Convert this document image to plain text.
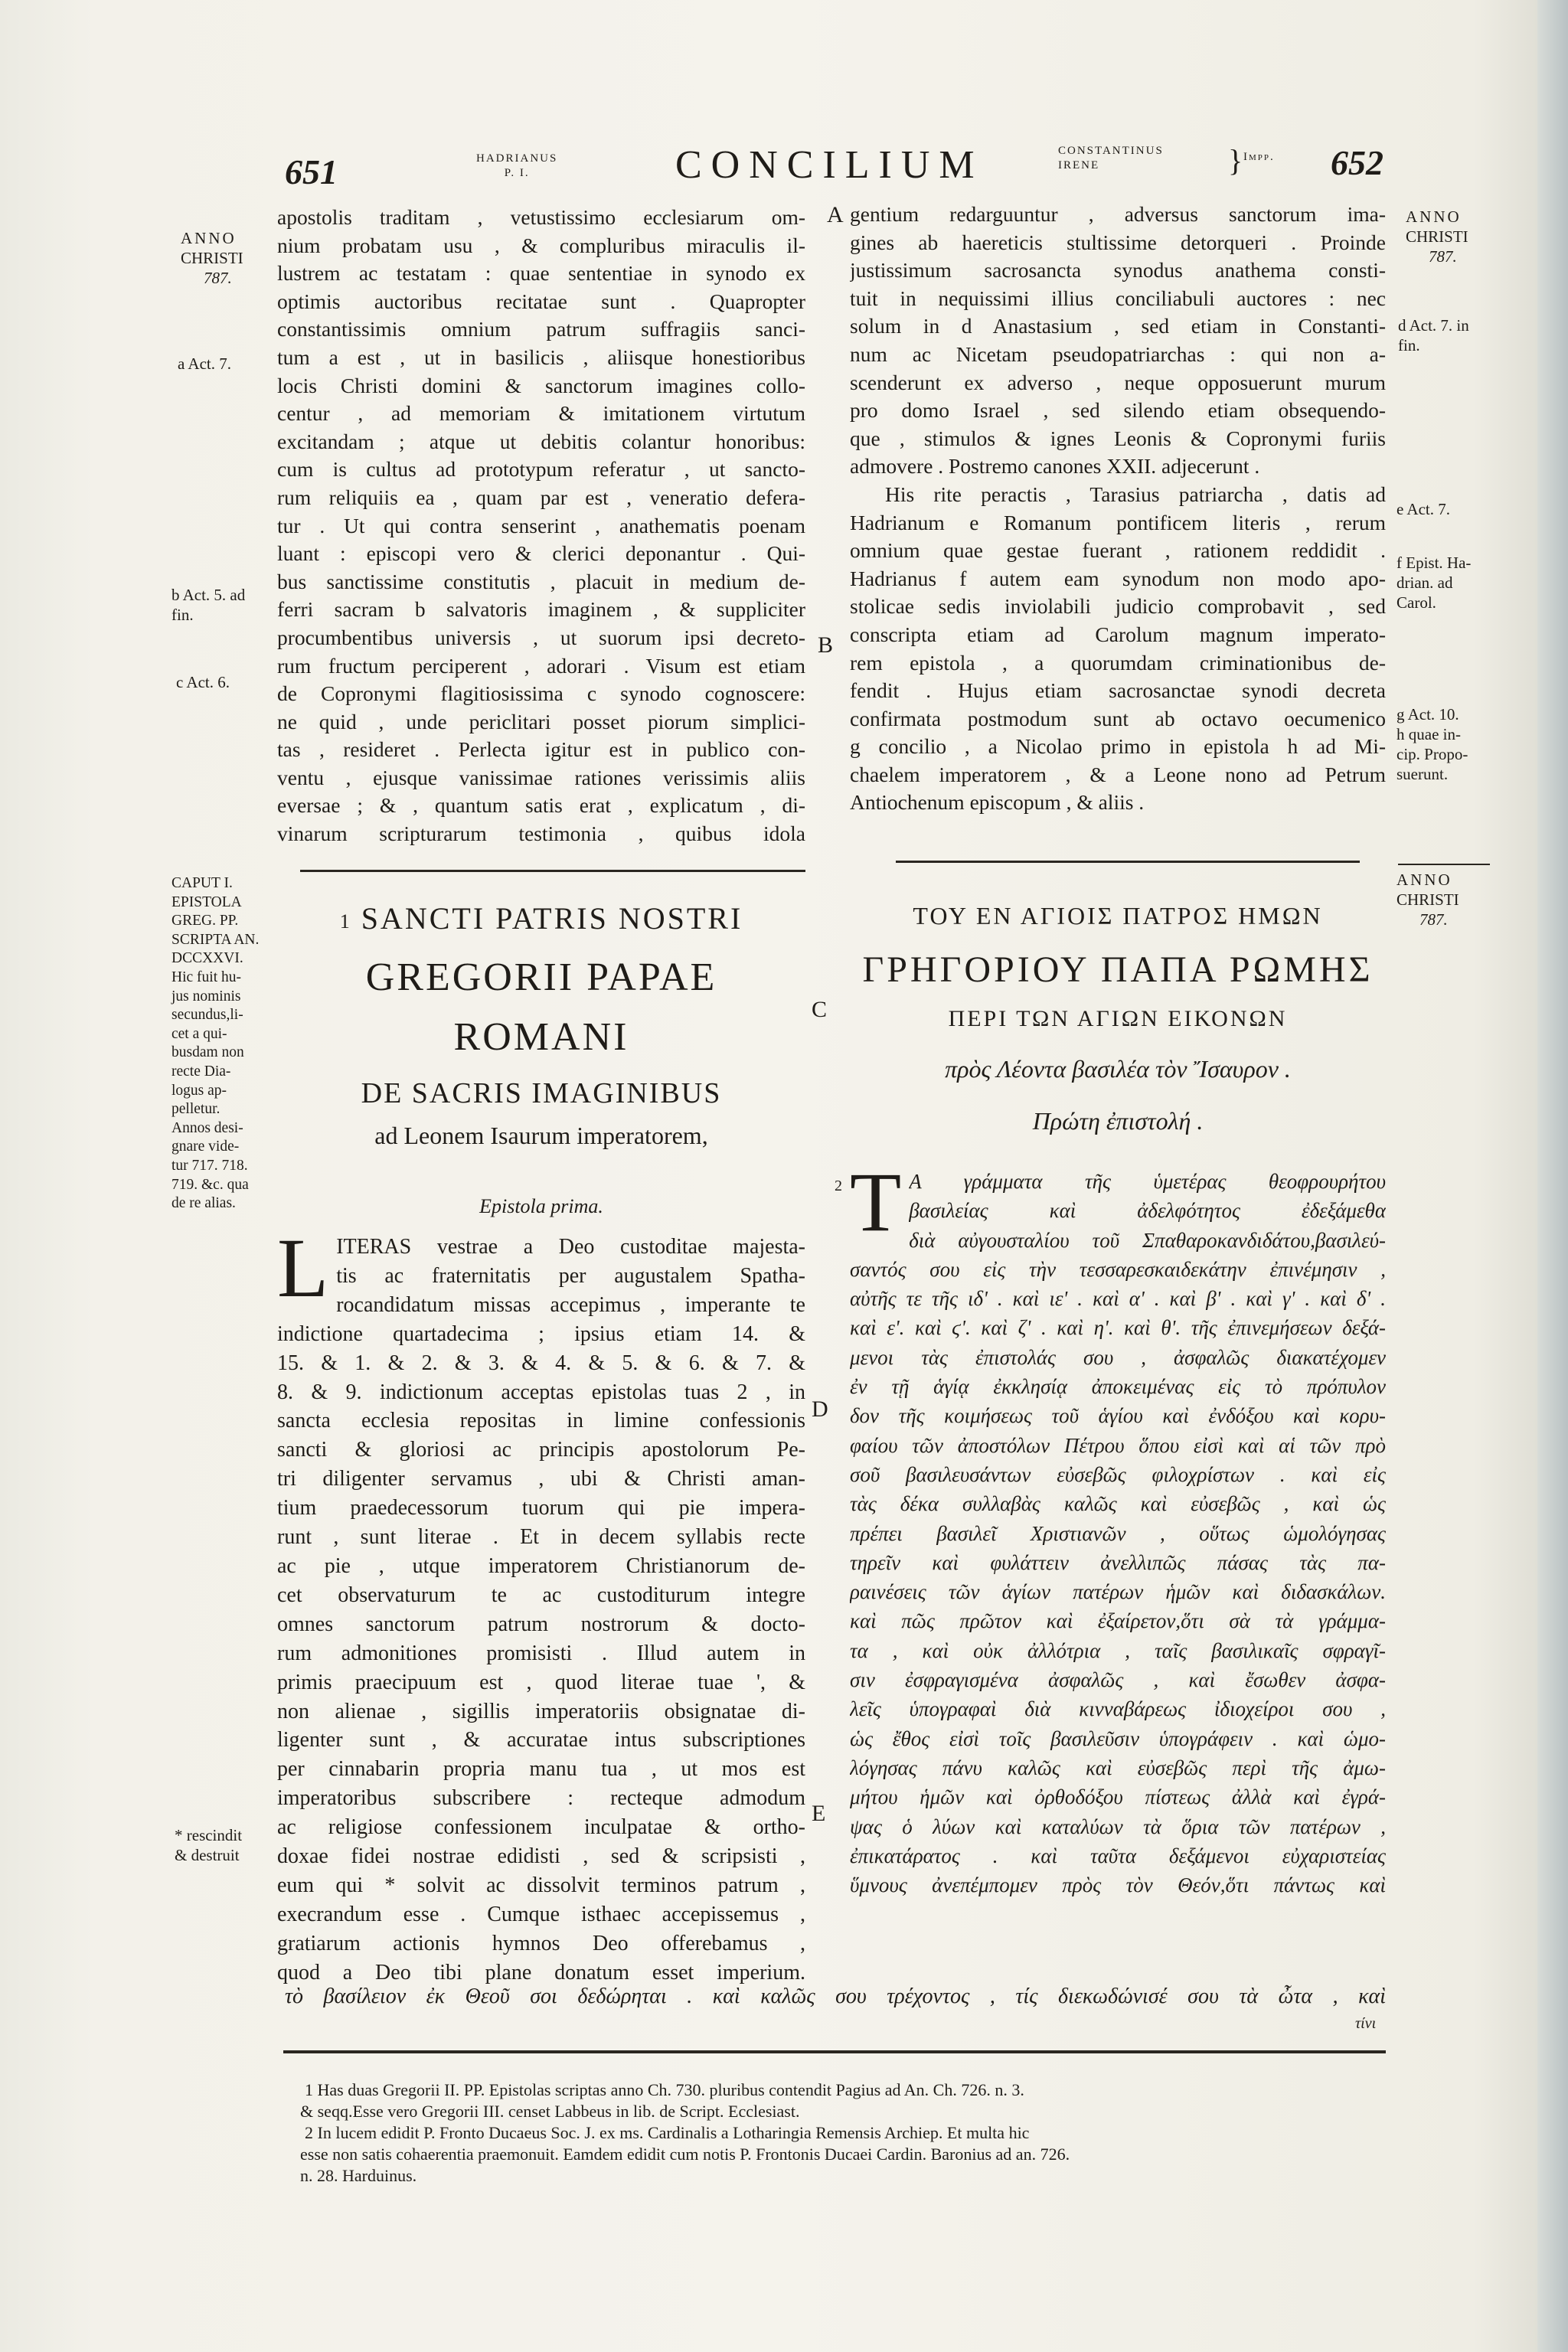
651	HADRIANUS
P. I.	CONCILIUM	CONSTANTINUS
IRENE	} Impp. 652
ANNO
CHRISTI
787.
a Act. 7.
b Act. 5. ad
fin.
c Act. 6.
CAPUT I.
EPISTOLA
GREG. PP.
SCRIPTA AN.
DCCXXVI.
Hic fuit hu-
jus nominis
secundus,li-
cet a qui-
busdam non
recte Dia-
logus ap-
pelletur.
Annos desi-
gnare vide-
tur 717. 718.
719. &c. qua
de re alias.
* rescindit
& destruit
ANNO
CHRISTI
787.
d Act. 7. in
fin.
e Act. 7.
f Epist. Ha-
drian. ad
Carol.
g Act. 10.
h quae in-
cip. Propo-
suerunt.
ANNO
CHRISTI
787.
A
B
C
D
E
apostolis traditam , vetustissimo ecclesiarum om-
nium probatam usu , & compluribus miraculis il-
lustrem ac testatam : quae sententiae in synodo ex
optimis auctoribus recitatae sunt . Quapropter
constantissimis omnium patrum suffragiis sanci-
tum a est , ut in basilicis , aliisque honestioribus
locis Christi domini & sanctorum imagines collo-
centur , ad memoriam & imitationem virtutum
excitandam ; atque ut debitis colantur honoribus:
cum is cultus ad prototypum referatur , ut sancto-
rum reliquiis ea , quam par est , veneratio defera-
tur . Ut qui contra senserint , anathematis poenam
luant : episcopi vero & clerici deponantur . Qui-
bus sanctissime constitutis , placuit in medium de-
ferri sacram b salvatoris imaginem , & suppliciter
procumbentibus universis , ut suorum ipsi decreto-
rum fructum perciperent , adorari . Visum est etiam
de Copronymi flagitiosissima c synodo cognoscere:
ne quid , unde periclitari posset piorum simplici-
tas , resideret . Perlecta igitur est in publico con-
ventu , ejusque vanissimae rationes verissimis aliis
eversae ; & , quantum satis erat , explicatum , di-
vinarum scripturarum testimonia , quibus idola
gentium redarguuntur , adversus sanctorum ima-
gines ab haereticis stultissime detorqueri . Proinde
justissimum sacrosancta synodus anathema consti-
tuit in nequissimi illius conciliabuli auctores : nec
solum in d Anastasium , sed etiam in Constanti-
num ac Nicetam pseudopatriarchas : qui non a-
scenderunt ex adverso , neque opposuerunt murum
pro domo Israel , sed silendo etiam obsequendo-
que , stimulos & ignes Leonis & Copronymi furiis
admovere . Postremo canones XXII. adjecerunt .
His rite peractis , Tarasius patriarcha , datis ad
Hadrianum e Romanum pontificem literis , rerum
omnium quae gestae fuerant , rationem reddidit .
Hadrianus f autem eam synodum non modo apo-
stolicae sedis inviolabili judicio comprobavit , sed
conscripta etiam ad Carolum magnum imperato-
rem epistola , a quorumdam criminationibus de-
fendit . Hujus etiam sacrosanctae synodi decreta
confirmata postmodum sunt ab octavo oecumenico
g concilio , a Nicolao primo in epistola h ad Mi-
chaelem imperatorem , & a Leone nono ad Petrum
Antiochenum episcopum , & aliis .
1 SANCTI PATRIS NOSTRI
GREGORII PAPAE ROMANI
DE SACRIS IMAGINIBUS
ad Leonem Isaurum imperatorem,
Epistola prima.
ΤΟΥ ΕΝ ΑΓΙΟΙΣ ΠΑΤΡΟΣ ΗΜΩΝ
ΓΡΗΓΟΡΙΟΥ ΠΑΠΑ ΡΩΜΗΣ
ΠΕΡΙ ΤΩΝ ΑΓΙΩΝ ΕΙΚΟΝΩΝ
πρὸς Λέοντα βασιλέα τὸν Ἴσαυρον .
Πρώτη ἐπιστολή .
L ITERAS vestrae a Deo custoditae majesta-
tis ac fraternitatis per augustalem Spatha-
rocandidatum missas accepimus , imperante te
indictione quartadecima ; ipsius etiam 14. &
15. & 1. & 2. & 3. & 4. & 5. & 6. & 7. &
8. & 9. indictionum acceptas epistolas tuas 2 , in
sancta ecclesia repositas in limine confessionis
sancti & gloriosi ac principis apostolorum Pe-
tri diligenter servamus , ubi & Christi aman-
tium praedecessorum tuorum qui pie impera-
runt , sunt literae . Et in decem syllabis recte
ac pie , utque imperatorem Christianorum de-
cet observaturum te ac custoditurum integre
omnes sanctorum patrum nostrorum & docto-
rum admonitiones promisisti . Illud autem in
primis praecipuum est , quod literae tuae ', &
non alienae , sigillis imperatoriis obsignatae di-
ligenter sunt , & accuratae intus subscriptiones
per cinnabarin propria manu tua , ut mos est
imperatoribus subscribere : recteque admodum
ac religiose confessionem inculpatae & ortho-
doxae fidei nostrae edidisti , sed & scripsisti ,
eum qui * solvit ac dissolvit terminos patrum ,
execrandum esse . Cumque isthaec accepissemus ,
gratiarum actionis hymnos Deo offerebamus ,
quod a Deo tibi plane donatum esset imperium.
2 Τ Α γράμματα τῆς ὑμετέρας θεοφρουρήτου
βασιλείας καὶ ἀδελφότητος ἐδεξάμεθα
διὰ αὐγουσταλίου τοῦ Σπαθαροκανδιδάτου,βασιλεύ-
σαντός σου εἰς τὴν τεσσαρεσκαιδεκάτην ἐπινέμησιν ,
αὐτῆς τε τῆς ιδʹ . καὶ ιεʹ . καὶ αʹ . καὶ βʹ . καὶ γʹ . καὶ δʹ .
καὶ εʹ. καὶ ϛʹ. καὶ ζʹ . καὶ ηʹ. καὶ θʹ. τῆς ἐπινεμήσεων δεξά-
μενοι τὰς ἐπιστολάς σου , ἀσφαλῶς διακατέχομεν
ἐν τῇ ἁγίᾳ ἐκκλησίᾳ ἀποκειμένας εἰς τὸ πρόπυλον
δον τῆς κοιμήσεως τοῦ ἁγίου καὶ ἐνδόξου καὶ κορυ-
φαίου τῶν ἀποστόλων Πέτρου ὅπου εἰσὶ καὶ αἱ τῶν πρὸ
σοῦ βασιλευσάντων εὐσεβῶς φιλοχρίστων . καὶ εἰς
τὰς δέκα συλλαβὰς καλῶς καὶ εὐσεβῶς , καὶ ὡς
πρέπει βασιλεῖ Χριστιανῶν , οὕτως ὡμολόγησας
τηρεῖν καὶ φυλάττειν ἀνελλιπῶς πάσας τὰς πα-
ραινέσεις τῶν ἁγίων πατέρων ἡμῶν καὶ διδασκάλων.
καὶ πῶς πρῶτον καὶ ἐξαίρετον,ὅτι σὰ τὰ γράμμα-
τα , καὶ οὐκ ἀλλότρια , ταῖς βασιλικαῖς σφραγῖ-
σιν ἐσφραγισμένα ἀσφαλῶς , καὶ ἔσωθεν ἀσφα-
λεῖς ὑπογραφαὶ διὰ κινναβάρεως ἰδιοχείροι σου ,
ὡς ἔθος εἰσὶ τοῖς βασιλεῦσιν ὑπογράφειν . καὶ ὡμο-
λόγησας πάνυ καλῶς καὶ εὐσεβῶς περὶ τῆς ἀμω-
μήτου ἡμῶν καὶ ὀρθοδόξου πίστεως ἀλλὰ καὶ ἐγρά-
ψας ὁ λύων καὶ καταλύων τὰ ὅρια τῶν πατέρων ,
ἐπικατάρατος . καὶ ταῦτα δεξάμενοι εὐχαριστείας
ὕμνους ἀνεπέμπομεν πρὸς τὸν Θεόν,ὅτι πάντως καὶ
τὸ βασίλειον ἐκ Θεοῦ σοι δεδώρηται . καὶ καλῶς σου τρέχοντος , τίς διεκωδώνισέ σου τὰ ὦτα , καὶ
τίνι
1 Has duas Gregorii II. PP. Epistolas scriptas anno Ch. 730. pluribus contendit Pagius ad An. Ch. 726. n. 3.
& seqq.Esse vero Gregorii III. censet Labbeus in lib. de Script. Ecclesiast.
2 In lucem edidit P. Fronto Ducaeus Soc. J. ex ms. Cardinalis a Lotharingia Remensis Archiep. Et multa hic
esse non satis cohaerentia praemonuit. Eamdem edidit cum notis P. Frontonis Ducaei Cardin. Baronius ad an. 726.
n. 28. Harduinus.
